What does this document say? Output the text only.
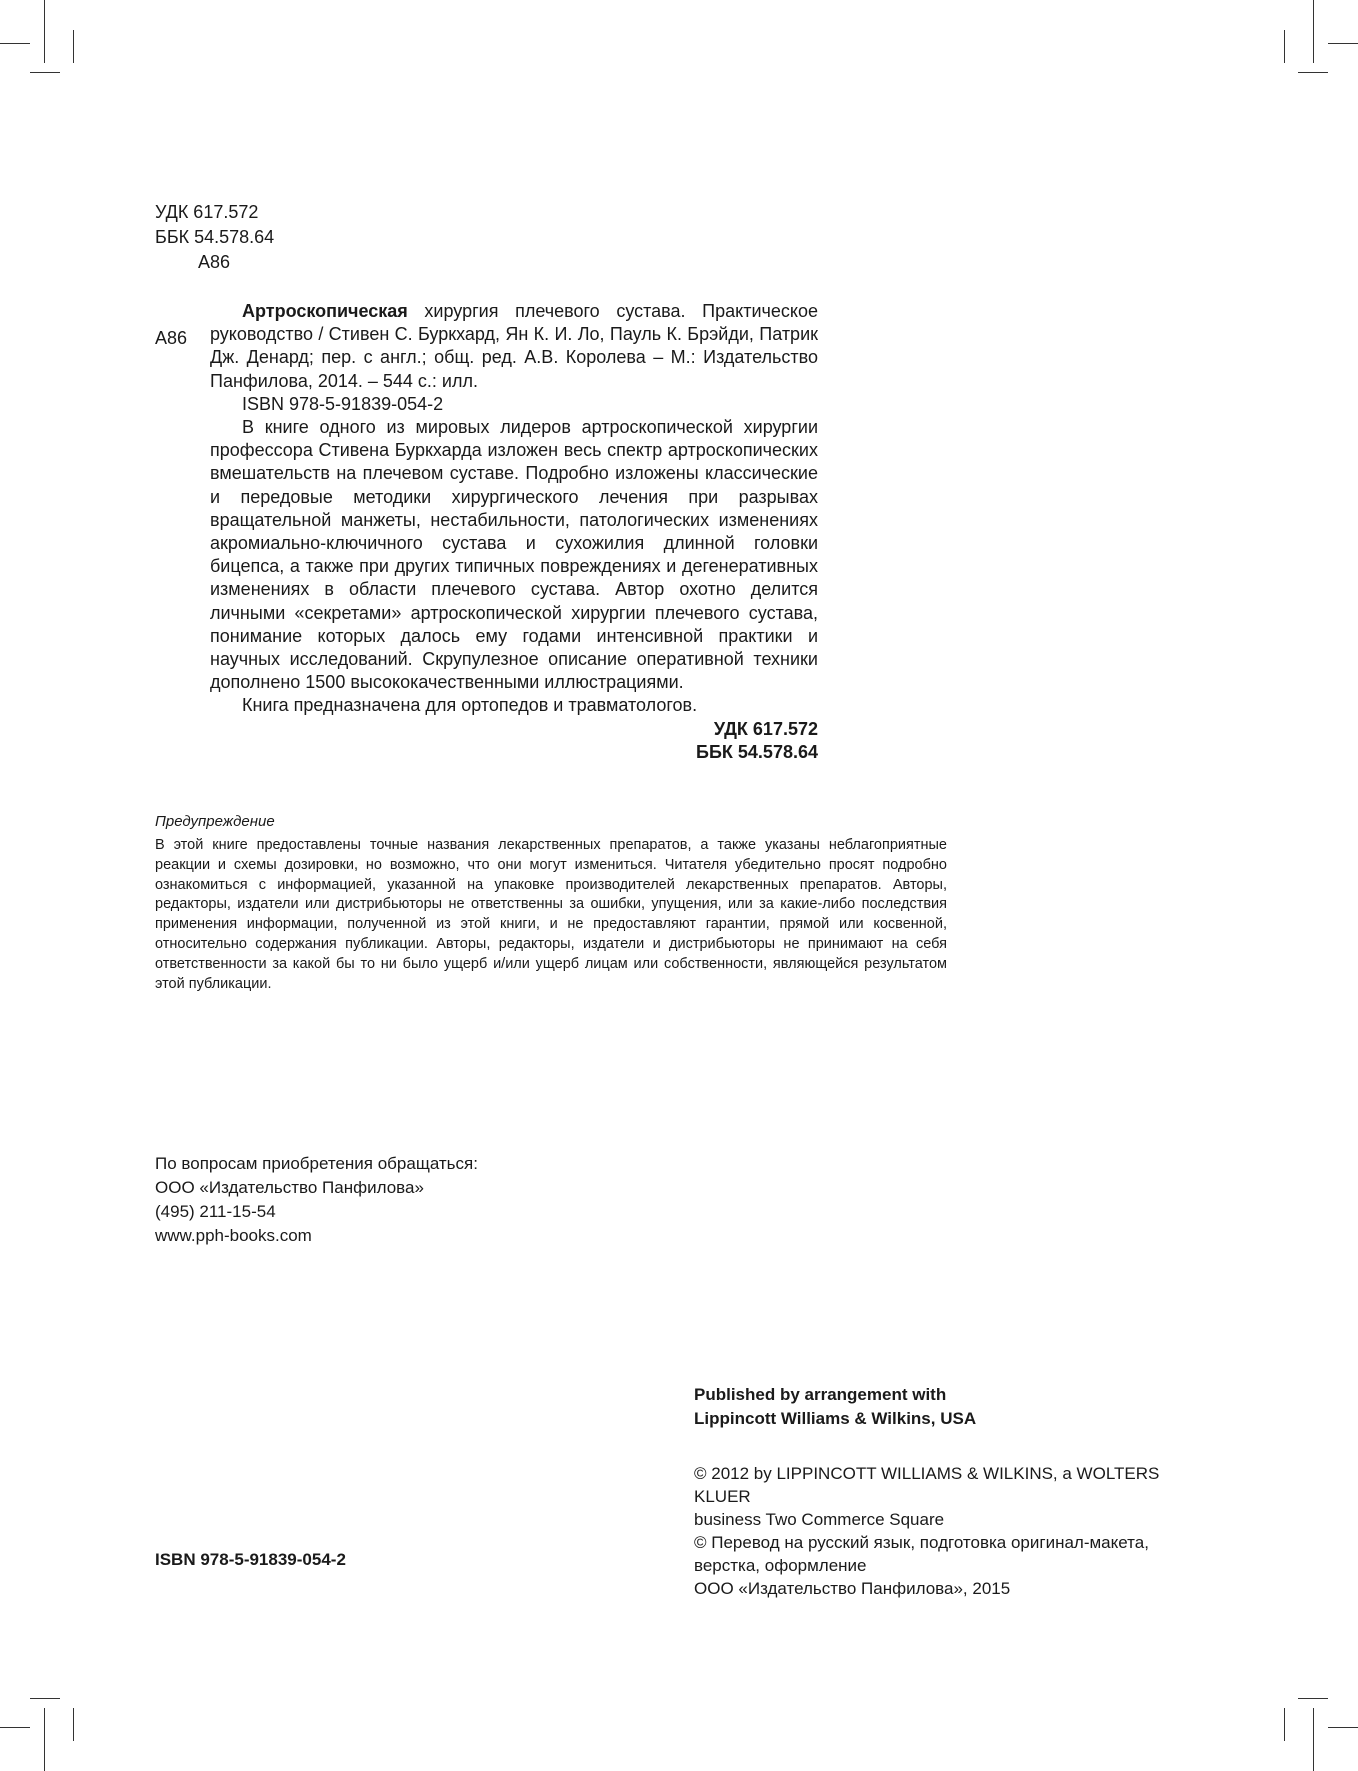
УДК 617.572
ББК 54.578.64
А86
А86

Артроскопическая хирургия плечевого сустава. Практическое руководство / Стивен С. Буркхард, Ян К. И. Ло, Пауль К. Брэйди, Патрик Дж. Денард; пер. с англ.; общ. ред. А.В. Королева – М.: Издательство Панфилова, 2014. – 544 с.: илл.

ISBN 978-5-91839-054-2

В книге одного из мировых лидеров артроскопической хирургии профессора Стивена Буркхарда изложен весь спектр артроскопических вмешательств на плечевом суставе. Подробно изложены классические и передовые методики хирургического лечения при разрывах вращательной манжеты, нестабильности, патологических изменениях акромиально-ключичного сустава и сухожилия длинной головки бицепса, а также при других типичных повреждениях и дегенеративных изменениях в области плечевого сустава. Автор охотно делится личными «секретами» артроскопической хирургии плечевого сустава, понимание которых далось ему годами интенсивной практики и научных исследований. Скрупулезное описание оперативной техники дополнено 1500 высококачественными иллюстрациями.

Книга предназначена для ортопедов и травматологов.

УДК 617.572

ББК 54.578.64

Предупреждение

В этой книге предоставлены точные названия лекарственных препаратов, а также указаны неблагоприятные реакции и схемы дозировки, но возможно, что они могут измениться. Читателя убедительно просят подробно ознакомиться с информацией, указанной на упаковке производителей лекарственных препаратов. Авторы, редакторы, издатели или дистрибьюторы не ответственны за ошибки, упущения, или за какие-либо последствия применения информации, полученной из этой книги, и не предоставляют гарантии, прямой или косвенной, относительно содержания публикации. Авторы, редакторы, издатели и дистрибьюторы не принимают на себя ответственности за какой бы то ни было ущерб и/или ущерб лицам или собственности, являющейся результатом этой публикации.

По вопросам приобретения обращаться:
ООО «Издательство Панфилова»
(495) 211-15-54
www.pph-books.com
Published by arrangement with
Lippincott Williams & Wilkins, USA
© 2012 by LIPPINCOTT WILLIAMS & WILKINS, a WOLTERS KLUER
business Two Commerce Square
© Перевод на русский язык, подготовка оригинал-макета,
верстка, оформление
ООО «Издательство Панфилова», 2015
ISBN 978-5-91839-054-2
